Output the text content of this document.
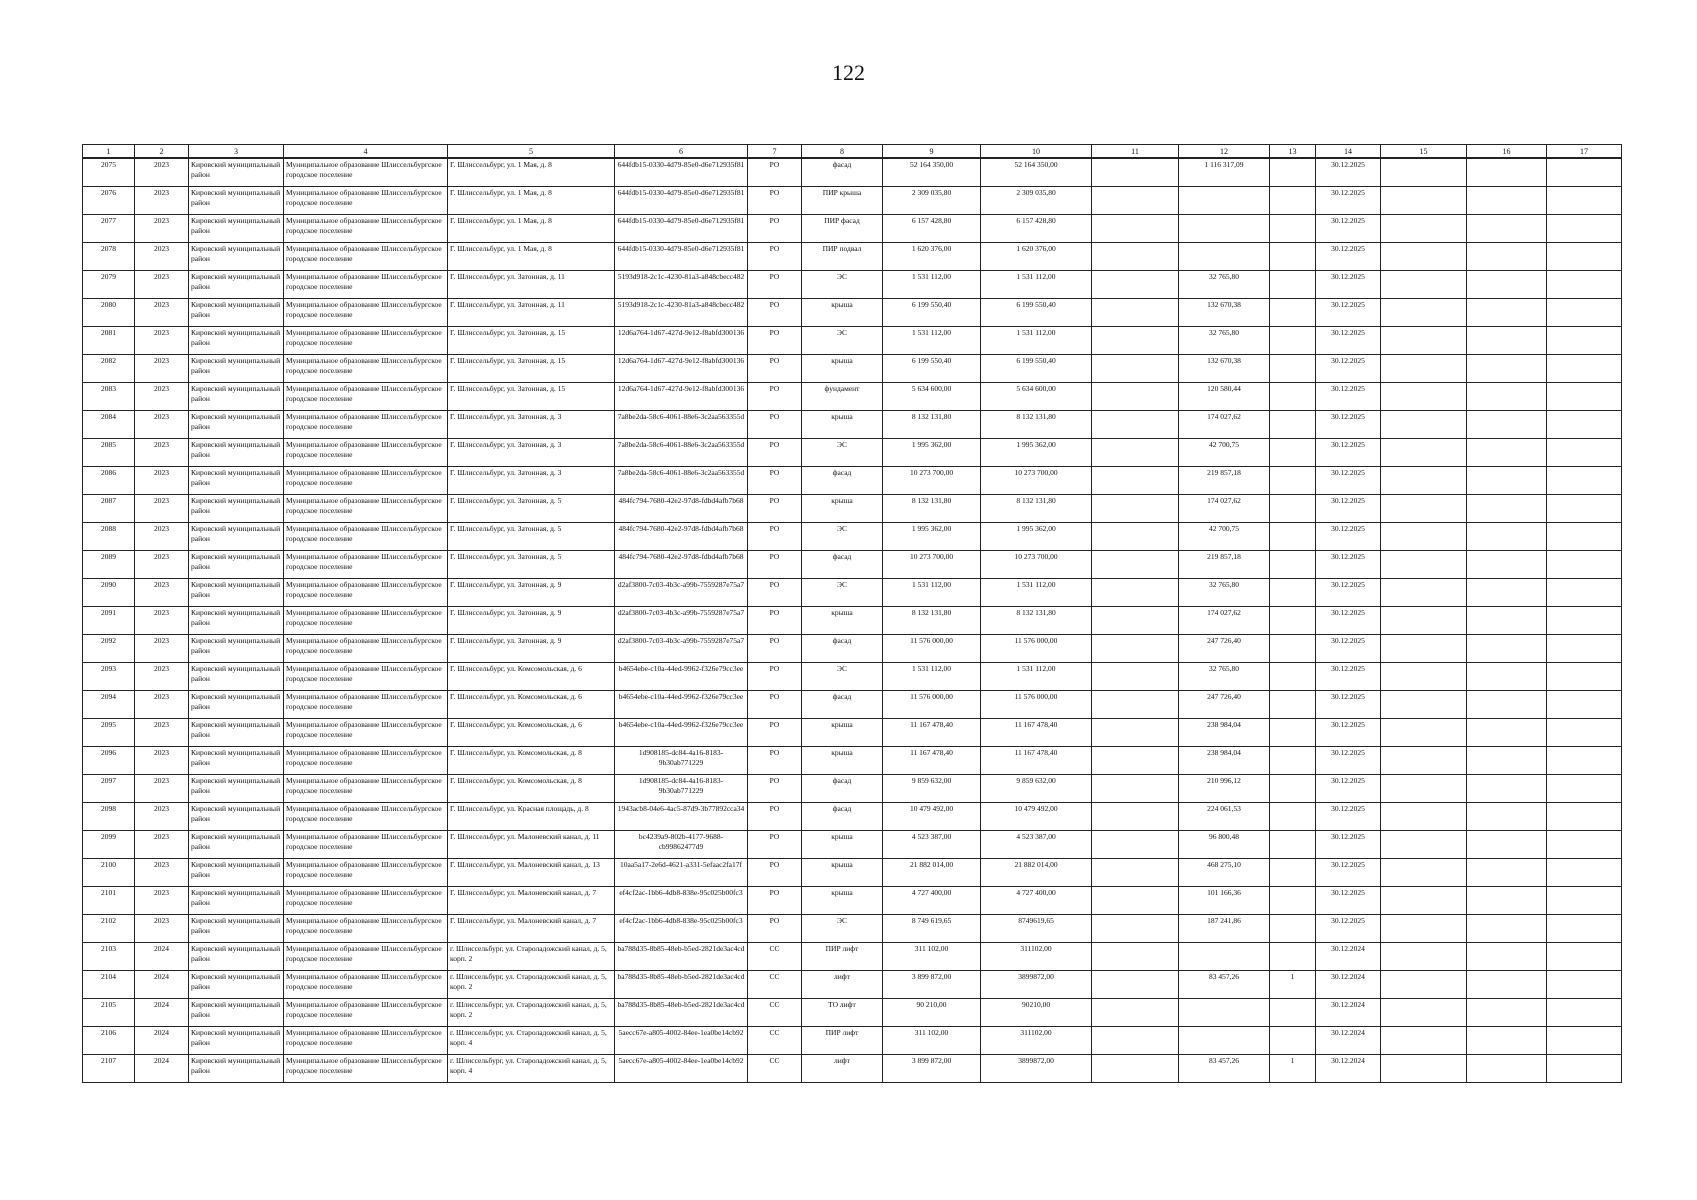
122
1	2	3	4	5	6	7	8	9	10	11	12	13	14	15	16	17
2075	2023	Кировский муниципальный район	Муниципальное образование Шлиссельбургское городское поселение	Г. Шлиссельбург, ул. 1 Мая, д. 8	644fdb15-0330-4d79-85e0-d6e712935f81	РО	фасад	52 164 350,00	52 164 350,00		1 116 317,09		30.12.2025			
2076	2023	Кировский муниципальный район	Муниципальное образование Шлиссельбургское городское поселение	Г. Шлиссельбург, ул. 1 Мая, д. 8	644fdb15-0330-4d79-85e0-d6e712935f81	РО	ПИР крыша	2 309 035,80	2 309 035,80				30.12.2025			
2077	2023	Кировский муниципальный район	Муниципальное образование Шлиссельбургское городское поселение	Г. Шлиссельбург, ул. 1 Мая, д. 8	644fdb15-0330-4d79-85e0-d6e712935f81	РО	ПИР фасад	6 157 428,80	6 157 428,80				30.12.2025			
2078	2023	Кировский муниципальный район	Муниципальное образование Шлиссельбургское городское поселение	Г. Шлиссельбург, ул. 1 Мая, д. 8	644fdb15-0330-4d79-85e0-d6e712935f81	РО	ПИР подвал	1 620 376,00	1 620 376,00				30.12.2025			
2079	2023	Кировский муниципальный район	Муниципальное образование Шлиссельбургское городское поселение	Г. Шлиссельбург, ул. Затонная, д. 11	5193d918-2c1c-4230-81a3-a848cbecc482	РО	ЭС	1 531 112,00	1 531 112,00		32 765,80		30.12.2025			
2080	2023	Кировский муниципальный район	Муниципальное образование Шлиссельбургское городское поселение	Г. Шлиссельбург, ул. Затонная, д. 11	5193d918-2c1c-4230-81a3-a848cbecc482	РО	крыша	6 199 550,40	6 199 550,40		132 670,38		30.12.2025			
2081	2023	Кировский муниципальный район	Муниципальное образование Шлиссельбургское городское поселение	Г. Шлиссельбург, ул. Затонная, д. 15	12d6a764-1d67-427d-9e12-f8abfd300136	РО	ЭС	1 531 112,00	1 531 112,00		32 765,80		30.12.2025			
2082	2023	Кировский муниципальный район	Муниципальное образование Шлиссельбургское городское поселение	Г. Шлиссельбург, ул. Затонная, д. 15	12d6a764-1d67-427d-9e12-f8abfd300136	РО	крыша	6 199 550,40	6 199 550,40		132 670,38		30.12.2025			
2083	2023	Кировский муниципальный район	Муниципальное образование Шлиссельбургское городское поселение	Г. Шлиссельбург, ул. Затонная, д. 15	12d6a764-1d67-427d-9e12-f8abfd300136	РО	фундамент	5 634 600,00	5 634 600,00		120 580,44		30.12.2025			
2084	2023	Кировский муниципальный район	Муниципальное образование Шлиссельбургское городское поселение	Г. Шлиссельбург, ул. Затонная, д. 3	7a8be2da-58c6-4061-88e6-3c2aa563355d	РО	крыша	8 132 131,80	8 132 131,80		174 027,62		30.12.2025			
2085	2023	Кировский муниципальный район	Муниципальное образование Шлиссельбургское городское поселение	Г. Шлиссельбург, ул. Затонная, д. 3	7a8be2da-58c6-4061-88e6-3c2aa563355d	РО	ЭС	1 995 362,00	1 995 362,00		42 700,75		30.12.2025			
2086	2023	Кировский муниципальный район	Муниципальное образование Шлиссельбургское городское поселение	Г. Шлиссельбург, ул. Затонная, д. 3	7a8be2da-58c6-4061-88e6-3c2aa563355d	РО	фасад	10 273 700,00	10 273 700,00		219 857,18		30.12.2025			
2087	2023	Кировский муниципальный район	Муниципальное образование Шлиссельбургское городское поселение	Г. Шлиссельбург, ул. Затонная, д. 5	484fc794-7680-42e2-97d8-fdbd4afb7b68	РО	крыша	8 132 131,80	8 132 131,80		174 027,62		30.12.2025			
2088	2023	Кировский муниципальный район	Муниципальное образование Шлиссельбургское городское поселение	Г. Шлиссельбург, ул. Затонная, д. 5	484fc794-7680-42e2-97d8-fdbd4afb7b68	РО	ЭС	1 995 362,00	1 995 362,00		42 700,75		30.12.2025			
2089	2023	Кировский муниципальный район	Муниципальное образование Шлиссельбургское городское поселение	Г. Шлиссельбург, ул. Затонная, д. 5	484fc794-7680-42e2-97d8-fdbd4afb7b68	РО	фасад	10 273 700,00	10 273 700,00		219 857,18		30.12.2025			
2090	2023	Кировский муниципальный район	Муниципальное образование Шлиссельбургское городское поселение	Г. Шлиссельбург, ул. Затонная, д. 9	d2af3800-7c03-4b3c-a99b-7559287e75a7	РО	ЭС	1 531 112,00	1 531 112,00		32 765,80		30.12.2025			
2091	2023	Кировский муниципальный район	Муниципальное образование Шлиссельбургское городское поселение	Г. Шлиссельбург, ул. Затонная, д. 9	d2af3800-7c03-4b3c-a99b-7559287e75a7	РО	крыша	8 132 131,80	8 132 131,80		174 027,62		30.12.2025			
2092	2023	Кировский муниципальный район	Муниципальное образование Шлиссельбургское городское поселение	Г. Шлиссельбург, ул. Затонная, д. 9	d2af3800-7c03-4b3c-a99b-7559287e75a7	РО	фасад	11 576 000,00	11 576 000,00		247 726,40		30.12.2025			
2093	2023	Кировский муниципальный район	Муниципальное образование Шлиссельбургское городское поселение	Г. Шлиссельбург, ул. Комсомольская, д. 6	b4654ebe-c10a-44ed-9962-f326e79cc3ee	РО	ЭС	1 531 112,00	1 531 112,00		32 765,80		30.12.2025			
2094	2023	Кировский муниципальный район	Муниципальное образование Шлиссельбургское городское поселение	Г. Шлиссельбург, ул. Комсомольская, д. 6	b4654ebe-c10a-44ed-9962-f326e79cc3ee	РО	фасад	11 576 000,00	11 576 000,00		247 726,40		30.12.2025			
2095	2023	Кировский муниципальный район	Муниципальное образование Шлиссельбургское городское поселение	Г. Шлиссельбург, ул. Комсомольская, д. 6	b4654ebe-c10a-44ed-9962-f326e79cc3ee	РО	крыша	11 167 478,40	11 167 478,40		238 984,04		30.12.2025			
2096	2023	Кировский муниципальный район	Муниципальное образование Шлиссельбургское городское поселение	Г. Шлиссельбург, ул. Комсомольская, д. 8	1d908185-dc84-4a16-8183-9b30ab771229	РО	крыша	11 167 478,40	11 167 478,40		238 984,04		30.12.2025			
2097	2023	Кировский муниципальный район	Муниципальное образование Шлиссельбургское городское поселение	Г. Шлиссельбург, ул. Комсомольская, д. 8	1d908185-dc84-4a16-8183-9b30ab771229	РО	фасад	9 859 632,00	9 859 632,00		210 996,12		30.12.2025			
2098	2023	Кировский муниципальный район	Муниципальное образование Шлиссельбургское городское поселение	Г. Шлиссельбург, ул. Красная площадь, д. 8	1943acb8-04e6-4ac5-87d9-3b77892cca34	РО	фасад	10 479 492,00	10 479 492,00		224 061,53		30.12.2025			
2099	2023	Кировский муниципальный район	Муниципальное образование Шлиссельбургское городское поселение	Г. Шлиссельбург, ул. Малоневский канал, д. 11	bc4239a9-802b-4177-9688-cb99862477d9	РО	крыша	4 523 387,00	4 523 387,00		96 800,48		30.12.2025			
2100	2023	Кировский муниципальный район	Муниципальное образование Шлиссельбургское городское поселение	Г. Шлиссельбург, ул. Малоневский канал, д. 13	10aa5a17-2e6d-4621-a331-5efaac2fa17f	РО	крыша	21 882 014,00	21 882 014,00		468 275,10		30.12.2025			
2101	2023	Кировский муниципальный район	Муниципальное образование Шлиссельбургское городское поселение	Г. Шлиссельбург, ул. Малоневский канал, д. 7	ef4cf2ac-1bb6-4db8-838e-95c025b00fc3	РО	крыша	4 727 400,00	4 727 400,00		101 166,36		30.12.2025			
2102	2023	Кировский муниципальный район	Муниципальное образование Шлиссельбургское городское поселение	Г. Шлиссельбург, ул. Малоневский канал, д. 7	ef4cf2ac-1bb6-4db8-838e-95c025b00fc3	РО	ЭС	8 749 619,65	8749619,65		187 241,86		30.12.2025			
2103	2024	Кировский муниципальный район	Муниципальное образование Шлиссельбургское городское поселение	г. Шлиссельбург, ул. Староладожский канал, д. 5, корп. 2	ba788d35-8b85-48eb-b5ed-2821de3ac4cd	СС	ПИР лифт	311 102,00	311102,00				30.12.2024			
2104	2024	Кировский муниципальный район	Муниципальное образование Шлиссельбургское городское поселение	г. Шлиссельбург, ул. Староладожский канал, д. 5, корп. 2	ba788d35-8b85-48eb-b5ed-2821de3ac4cd	СС	лифт	3 899 872,00	3899872,00		83 457,26	1	30.12.2024			
2105	2024	Кировский муниципальный район	Муниципальное образование Шлиссельбургское городское поселение	г. Шлиссельбург, ул. Староладожский канал, д. 5, корп. 2	ba788d35-8b85-48eb-b5ed-2821de3ac4cd	СС	ТО лифт	90 210,00	90210,00				30.12.2024			
2106	2024	Кировский муниципальный район	Муниципальное образование Шлиссельбургское городское поселение	г. Шлиссельбург, ул. Староладожский канал, д. 5, корп. 4	5aecc67e-a805-4002-84ee-1ea0be14cb92	СС	ПИР лифт	311 102,00	311102,00				30.12.2024			
2107	2024	Кировский муниципальный район	Муниципальное образование Шлиссельбургское городское поселение	г. Шлиссельбург, ул. Староладожский канал, д. 5, корп. 4	5aecc67e-a805-4002-84ee-1ea0be14cb92	СС	лифт	3 899 872,00	3899872,00		83 457,26	1	30.12.2024			
